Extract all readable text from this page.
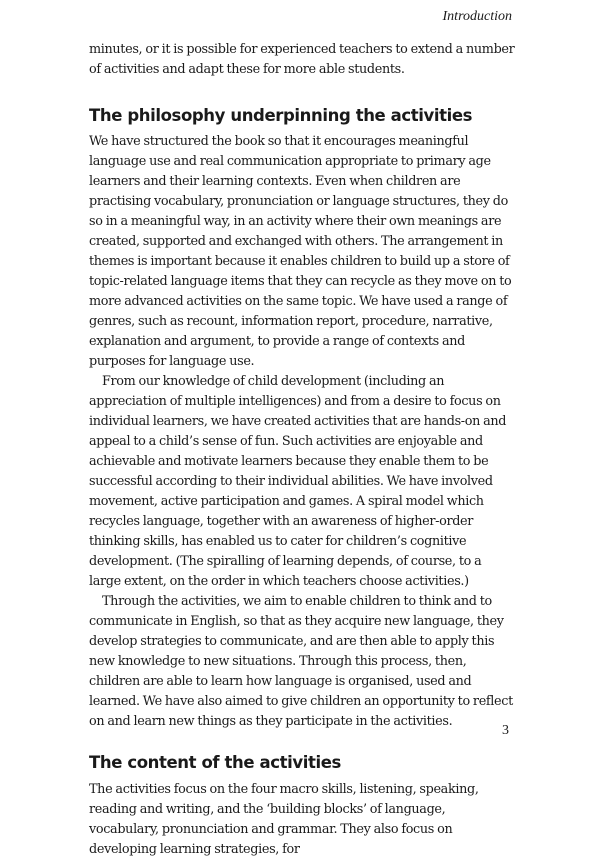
Introduction

minutes, or it is possible for experienced teachers to extend a number of activities and adapt these for more able students.

The philosophy underpinning the activities

We have structured the book so that it encourages meaningful language use and real communication appropriate to primary age learners and their learning contexts. Even when children are practising vocabulary, pronunciation or language structures, they do so in a meaningful way, in an activity where their own meanings are created, supported and exchanged with others. The arrangement in themes is important because it enables children to build up a store of topic-related language items that they can recycle as they move on to more advanced activities on the same topic. We have used a range of genres, such as recount, information report, procedure, narrative, explanation and argument, to provide a range of contexts and purposes for language use.

From our knowledge of child development (including an appreciation of multiple intelligences) and from a desire to focus on individual learners, we have created activities that are hands-on and appeal to a child’s sense of fun. Such activities are enjoyable and achievable and motivate learners because they enable them to be successful according to their individual abilities. We have involved movement, active participation and games. A spiral model which recycles language, together with an awareness of higher-order thinking skills, has enabled us to cater for children’s cognitive development. (The spiralling of learning depends, of course, to a large extent, on the order in which teachers choose activities.)

Through the activities, we aim to enable children to think and to communicate in English, so that as they acquire new language, they develop strategies to communicate, and are then able to apply this new knowledge to new situations. Through this process, then, children are able to learn how language is organised, used and learned. We have also aimed to give children an opportunity to reflect on and learn new things as they participate in the activities.

The content of the activities

The activities focus on the four macro skills, listening, speaking, reading and writing, and the ‘building blocks’ of language, vocabulary, pronunciation and grammar. They also focus on developing learning strategies, for

3
